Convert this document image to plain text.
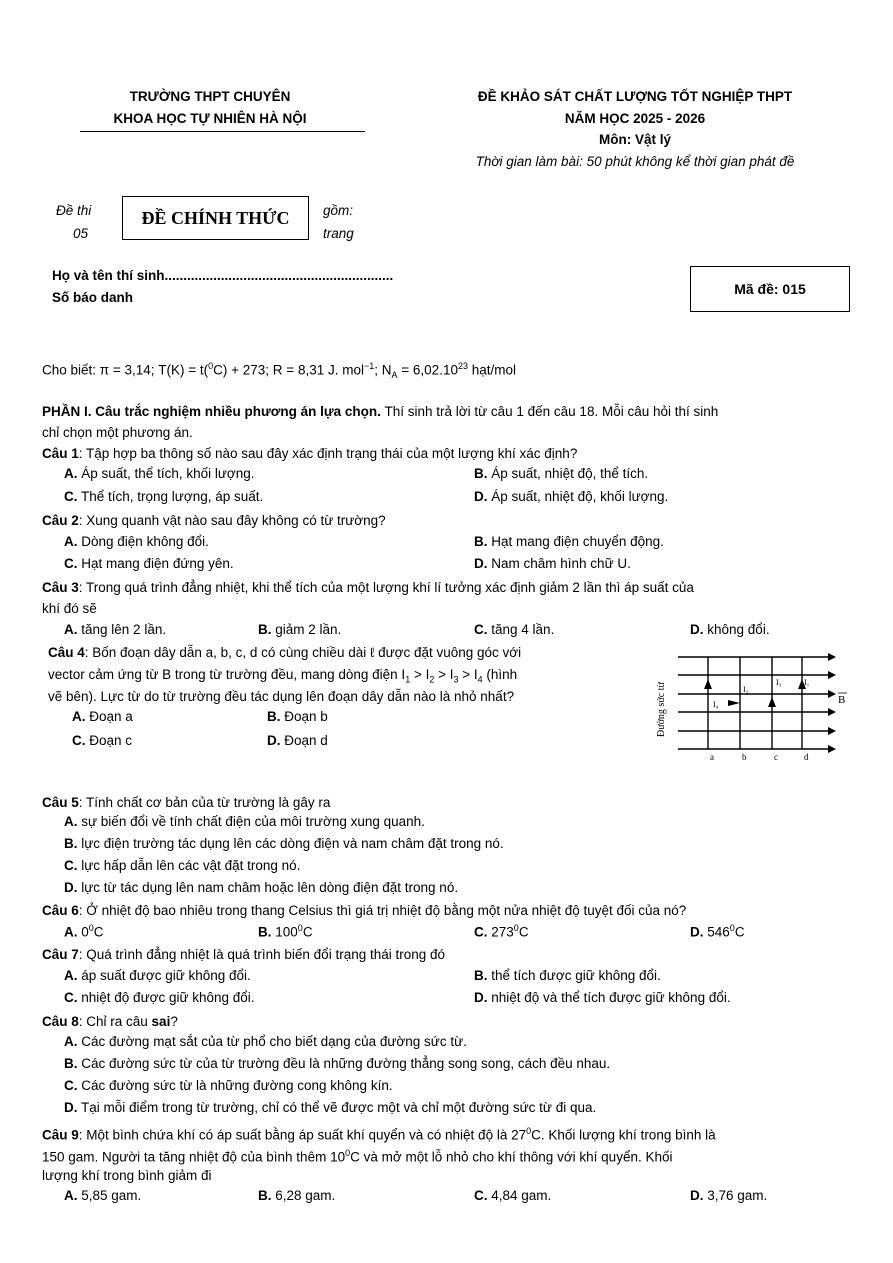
TRƯỜNG THPT CHUYÊN
KHOA HỌC TỰ NHIÊN HÀ NỘI
ĐỀ KHẢO SÁT CHẤT LƯỢNG TỐT NGHIỆP THPT
NĂM HỌC 2025 - 2026
Môn: Vật lý
Thời gian làm bài: 50 phút không kể thời gian phát đề
Đề thi
05
ĐỀ CHÍNH THỨC gồm:
trang
Họ và tên thí sinh.............................................................
Số báo danh
Mã đề: 015
Cho biết: π = 3,14; T(K) = t($^0$C) + 273; R = 8,31 J. mol$^{-1}$; $N_A = 6,02.10^{23}$ hạt/mol
PHẦN I. Câu trắc nghiệm nhiều phương án lựa chọn. Thí sinh trả lời từ câu 1 đến câu 18. Mỗi câu hỏi thí sinh
chỉ chọn một phương án.
Câu 1: Tập hợp ba thông số nào sau đây xác định trạng thái của một lượng khí xác định?
A. Áp suất, thể tích, khối lượng.	B. Áp suất, nhiệt độ, thể tích.
C. Thể tích, trọng lượng, áp suất.	D. Áp suất, nhiệt độ, khối lượng.
Câu 2: Xung quanh vật nào sau đây không có từ trường?
A. Dòng điện không đổi.	B. Hạt mang điện chuyển động.
C. Hạt mang điện đứng yên.	D. Nam châm hình chữ U.
Câu 3: Trong quá trình đẳng nhiệt, khi thể tích của một lượng khí lí tưởng xác định giảm 2 lần thì áp suất của
khí đó sẽ
A. tăng lên 2 lần.	B. giảm 2 lần.	C. tăng 4 lần.	D. không đổi.
Câu 4: Bốn đoạn dây dẫn a, b, c, d có cùng chiều dài ℓ được đặt vuông góc với
vector cảm ứng từ B trong từ trường đều, mang dòng điện $I_1 > I_2 > I_3 > I_4$ (hình
vẽ bên). Lực từ do từ trường đều tác dụng lên đoạn dây dẫn nào là nhỏ nhất?
A. Đoạn a	B. Đoạn b
C. Đoạn c	D. Đoạn d
I₂
I₃	I₁
I₄	B
a	b	c	d
Đường sức từ
Câu 5: Tính chất cơ bản của từ trường là gây ra
A. sự biến đổi về tính chất điện của môi trường xung quanh.
B. lực điện trường tác dụng lên các dòng điện và nam châm đặt trong nó.
C. lực hấp dẫn lên các vật đặt trong nó.
D. lực từ tác dụng lên nam châm hoặc lên dòng điện đặt trong nó.
Câu 6: Ở nhiệt độ bao nhiêu trong thang Celsius thì giá trị nhiệt độ bằng một nửa nhiệt độ tuyệt đối của nó?
A. $0^0C$	B. $100^0C$	C. $273^0C$	D. $546^0C$
Câu 7: Quá trình đẳng nhiệt là quá trình biến đổi trạng thái trong đó
A. áp suất được giữ không đổi.	B. thể tích được giữ không đổi.
C. nhiệt độ được giữ không đổi.	D. nhiệt độ và thể tích được giữ không đổi.
Câu 8: Chỉ ra câu sai?
A. Các đường mạt sắt của từ phổ cho biết dạng của đường sức từ.
B. Các đường sức từ của từ trường đều là những đường thẳng song song, cách đều nhau.
C. Các đường sức từ là những đường cong không kín.
D. Tại mỗi điểm trong từ trường, chỉ có thể vẽ được một và chỉ một đường sức từ đi qua.
Câu 9: Một bình chứa khí có áp suất bằng áp suất khí quyển và có nhiệt độ là $27^0C$. Khối lượng khí trong bình là
150 gam. Người ta tăng nhiệt độ của bình thêm $10^0C$ và mở một lỗ nhỏ cho khí thông với khí quyển. Khối
lượng khí trong bình giảm đi
A. 5,85 gam.	B. 6,28 gam.	C. 4,84 gam.	D. 3,76 gam.
